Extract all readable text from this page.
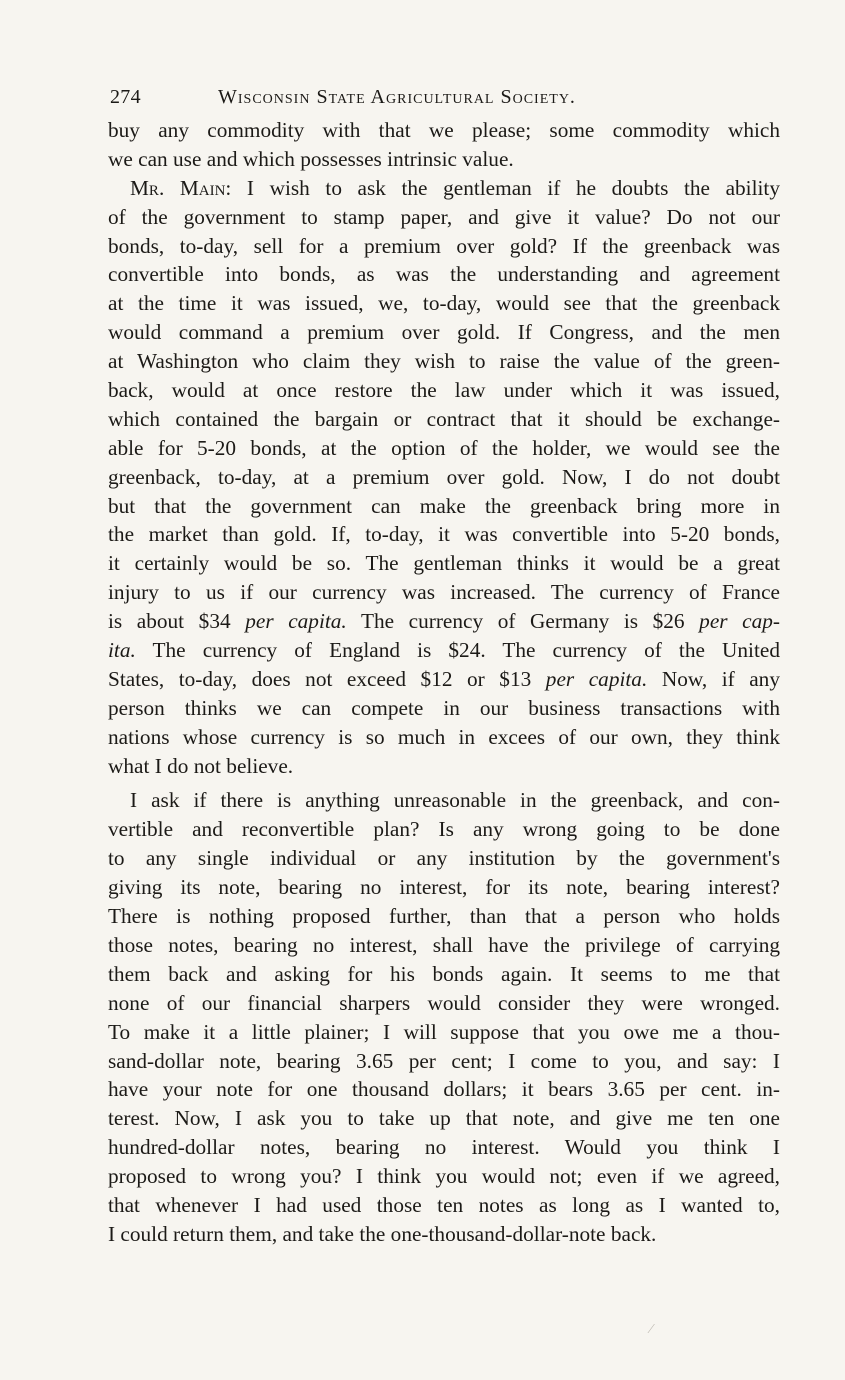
274	Wisconsin State Agricultural Society.
buy any commodity with that we please; some commodity which
we can use and which possesses intrinsic value.
Mr. Main: I wish to ask the gentleman if he doubts the ability
of the government to stamp paper, and give it value? Do not our
bonds, to-day, sell for a premium over gold? If the greenback was
convertible into bonds, as was the understanding and agreement
at the time it was issued, we, to-day, would see that the greenback
would command a premium over gold. If Congress, and the men
at Washington who claim they wish to raise the value of the green-
back, would at once restore the law under which it was issued,
which contained the bargain or contract that it should be exchange-
able for 5-20 bonds, at the option of the holder, we would see the
greenback, to-day, at a premium over gold. Now, I do not doubt
but that the government can make the greenback bring more in
the market than gold. If, to-day, it was convertible into 5-20 bonds,
it certainly would be so. The gentleman thinks it would be a great
injury to us if our currency was increased. The currency of France
is about $34 per capita. The currency of Germany is $26 per cap-
ita. The currency of England is $24. The currency of the United
States, to-day, does not exceed $12 or $13 per capita. Now, if any
person thinks we can compete in our business transactions with
nations whose currency is so much in excees of our own, they think
what I do not believe.
I ask if there is anything unreasonable in the greenback, and con-
vertible and reconvertible plan? Is any wrong going to be done
to any single individual or any institution by the government's
giving its note, bearing no interest, for its note, bearing interest?
There is nothing proposed further, than that a person who holds
those notes, bearing no interest, shall have the privilege of carrying
them back and asking for his bonds again. It seems to me that
none of our financial sharpers would consider they were wronged.
To make it a little plainer; I will suppose that you owe me a thou-
sand-dollar note, bearing 3.65 per cent; I come to you, and say: I
have your note for one thousand dollars; it bears 3.65 per cent. in-
terest. Now, I ask you to take up that note, and give me ten one
hundred-dollar notes, bearing no interest. Would you think I
proposed to wrong you? I think you would not; even if we agreed,
that whenever I had used those ten notes as long as I wanted to,
I could return them, and take the one-thousand-dollar-note back.
⁄
